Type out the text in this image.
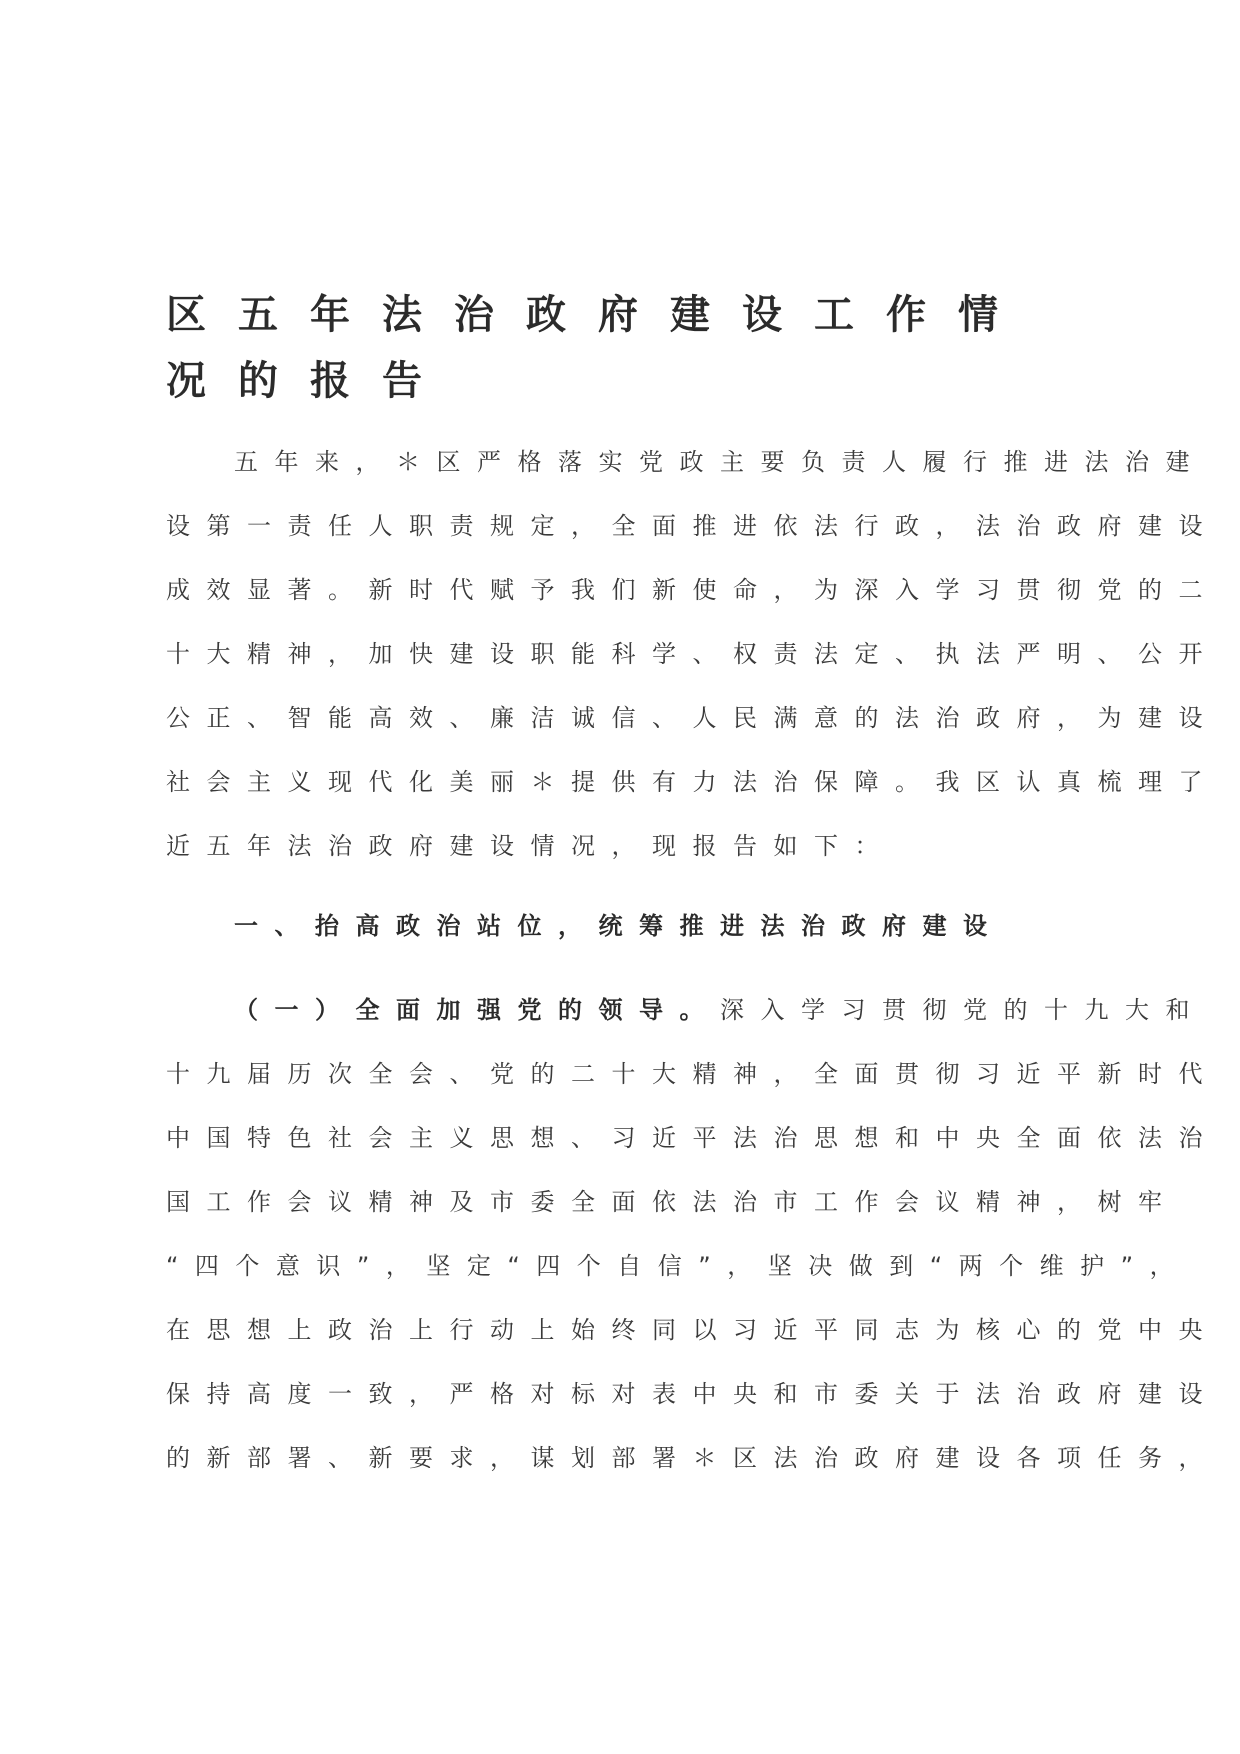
区五年法治政府建设工作情况的报告
五年来，＊区严格落实党政主要负责人履行推进法治建
设第一责任人职责规定，全面推进依法行政，法治政府建设
成效显著。新时代赋予我们新使命，为深入学习贯彻党的二
十大精神，加快建设职能科学、权责法定、执法严明、公开
公正、智能高效、廉洁诚信、人民满意的法治政府，为建设
社会主义现代化美丽＊提供有力法治保障。我区认真梳理了
近五年法治政府建设情况，现报告如下：
一、抬高政治站位，统筹推进法治政府建设
（一）全面加强党的领导。深入学习贯彻党的十九大和
十九届历次全会、党的二十大精神，全面贯彻习近平新时代
中国特色社会主义思想、习近平法治思想和中央全面依法治
国工作会议精神及市委全面依法治市工作会议精神，树牢
“四个意识”，坚定“四个自信”，坚决做到“两个维护”，
在思想上政治上行动上始终同以习近平同志为核心的党中央
保持高度一致，严格对标对表中央和市委关于法治政府建设
的新部署、新要求，谋划部署＊区法治政府建设各项任务，
